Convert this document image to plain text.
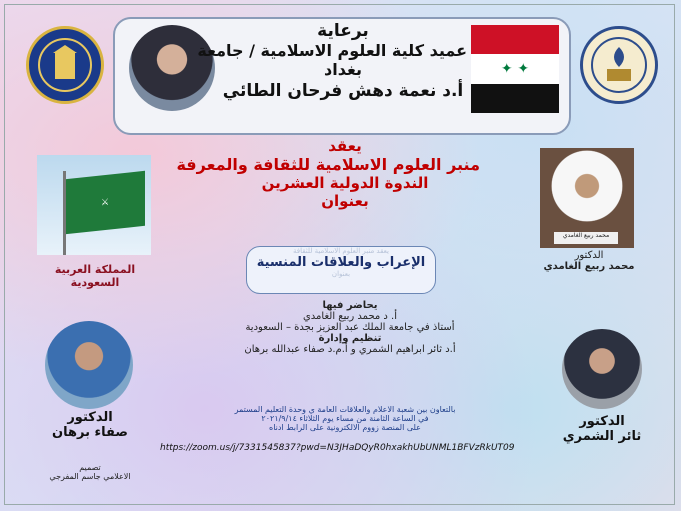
✦ ✦
برعاية
عميد كلية العلوم الاسلامية / جامعة
بغداد
أ.د نعمة دهش فرحان الطائي
يعقد
منبر العلوم الاسلامية للثقافة والمعرفة
الندوة الدولية العشرين
بعنوان
⚔
المملكة العربية السعودية
محمد ربيع الغامدي
الدكتور
محمد ربيع الغامدي
يعقد منبر العلوم الاسلامية للثقافة
الإعراب والعلاقات المنسية
بعنوان
يحاضر فيها
أ. د محمد ربيع الغامدي
أستاذ في جامعة الملك عبد العزيز بجدة – السعودية
تنظيم وإدارة
أ.د ثائر ابراهيم الشمري و أ.م.د صفاء عبدالله برهان
الدكتور
صفاء برهان
الدكتور
ثائر الشمري
بالتعاون بين شعبة الاعلام والعلاقات العامة ي وحدة التعليم المستمر
في الساعة الثامنة من مساء يوم الثلاثاء ٢٠٢١/٩/١٤
على المنصة زووم الالكترونية على الرابط ادناه
https://zoom.us/j/7331545837?pwd=N3JHaDQyR0hxakhUbUNML1BFVzRkUT09
تصميم
الاعلامي جاسم المفرجي
